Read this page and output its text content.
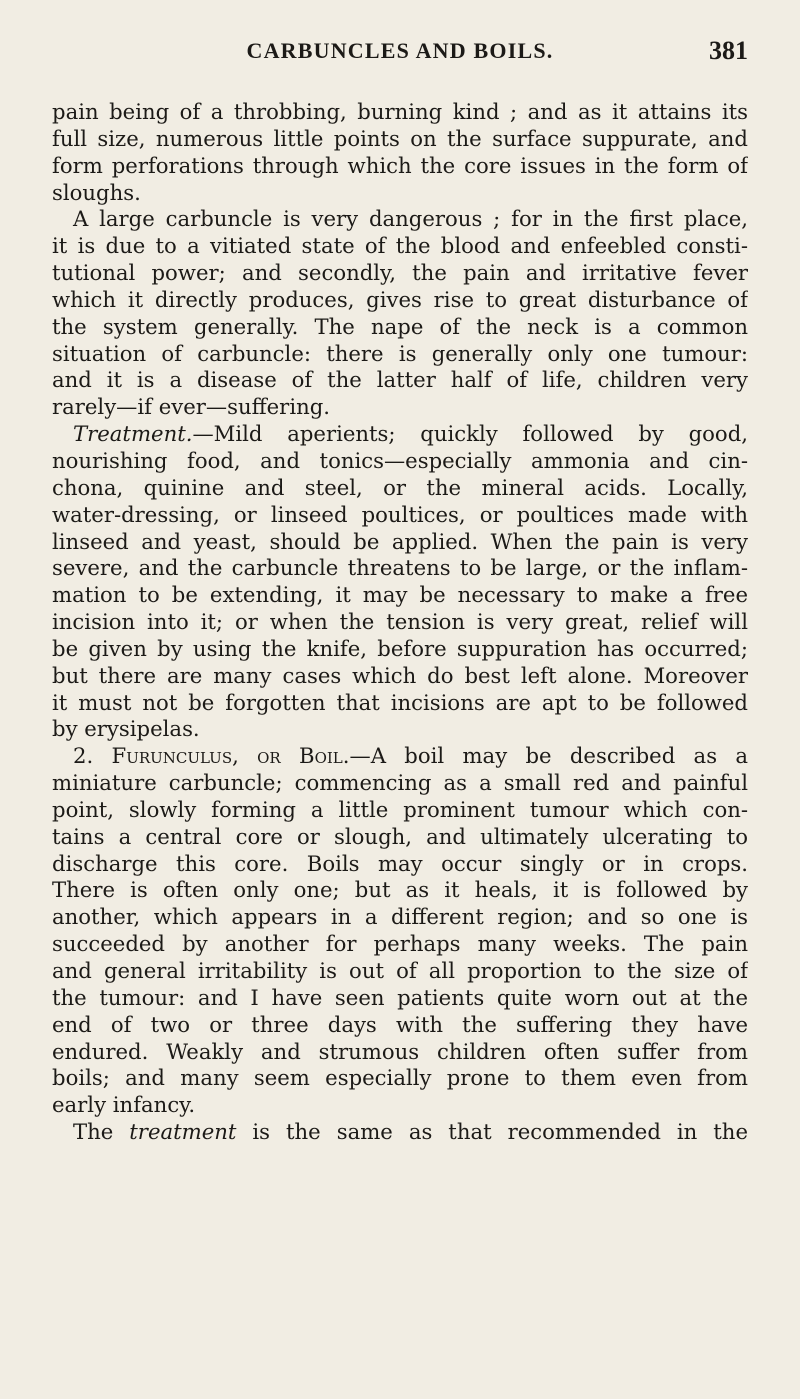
CARBUNCLES AND BOILS.	381
pain being of a throbbing, burning kind ; and as it attains its
full size, numerous little points on the surface suppurate, and
form perforations through which the core issues in the form of
sloughs.
A large carbuncle is very dangerous ; for in the first place,
it is due to a vitiated state of the blood and enfeebled consti-
tutional power; and secondly, the pain and irritative fever
which it directly produces, gives rise to great disturbance of
the system generally. The nape of the neck is a common
situation of carbuncle: there is generally only one tumour:
and it is a disease of the latter half of life, children very
rarely—if ever—suffering.
Treatment.—Mild aperients; quickly followed by good,
nourishing food, and tonics—especially ammonia and cin-
chona, quinine and steel, or the mineral acids. Locally,
water-dressing, or linseed poultices, or poultices made with
linseed and yeast, should be applied. When the pain is very
severe, and the carbuncle threatens to be large, or the inflam-
mation to be extending, it may be necessary to make a free
incision into it; or when the tension is very great, relief will
be given by using the knife, before suppuration has occurred;
but there are many cases which do best left alone. Moreover
it must not be forgotten that incisions are apt to be followed
by erysipelas.
2. Furunculus, or Boil.—A boil may be described as a
miniature carbuncle; commencing as a small red and painful
point, slowly forming a little prominent tumour which con-
tains a central core or slough, and ultimately ulcerating to
discharge this core. Boils may occur singly or in crops.
There is often only one; but as it heals, it is followed by
another, which appears in a different region; and so one is
succeeded by another for perhaps many weeks. The pain
and general irritability is out of all proportion to the size of
the tumour: and I have seen patients quite worn out at the
end of two or three days with the suffering they have
endured. Weakly and strumous children often suffer from
boils; and many seem especially prone to them even from
early infancy.
The treatment is the same as that recommended in the
